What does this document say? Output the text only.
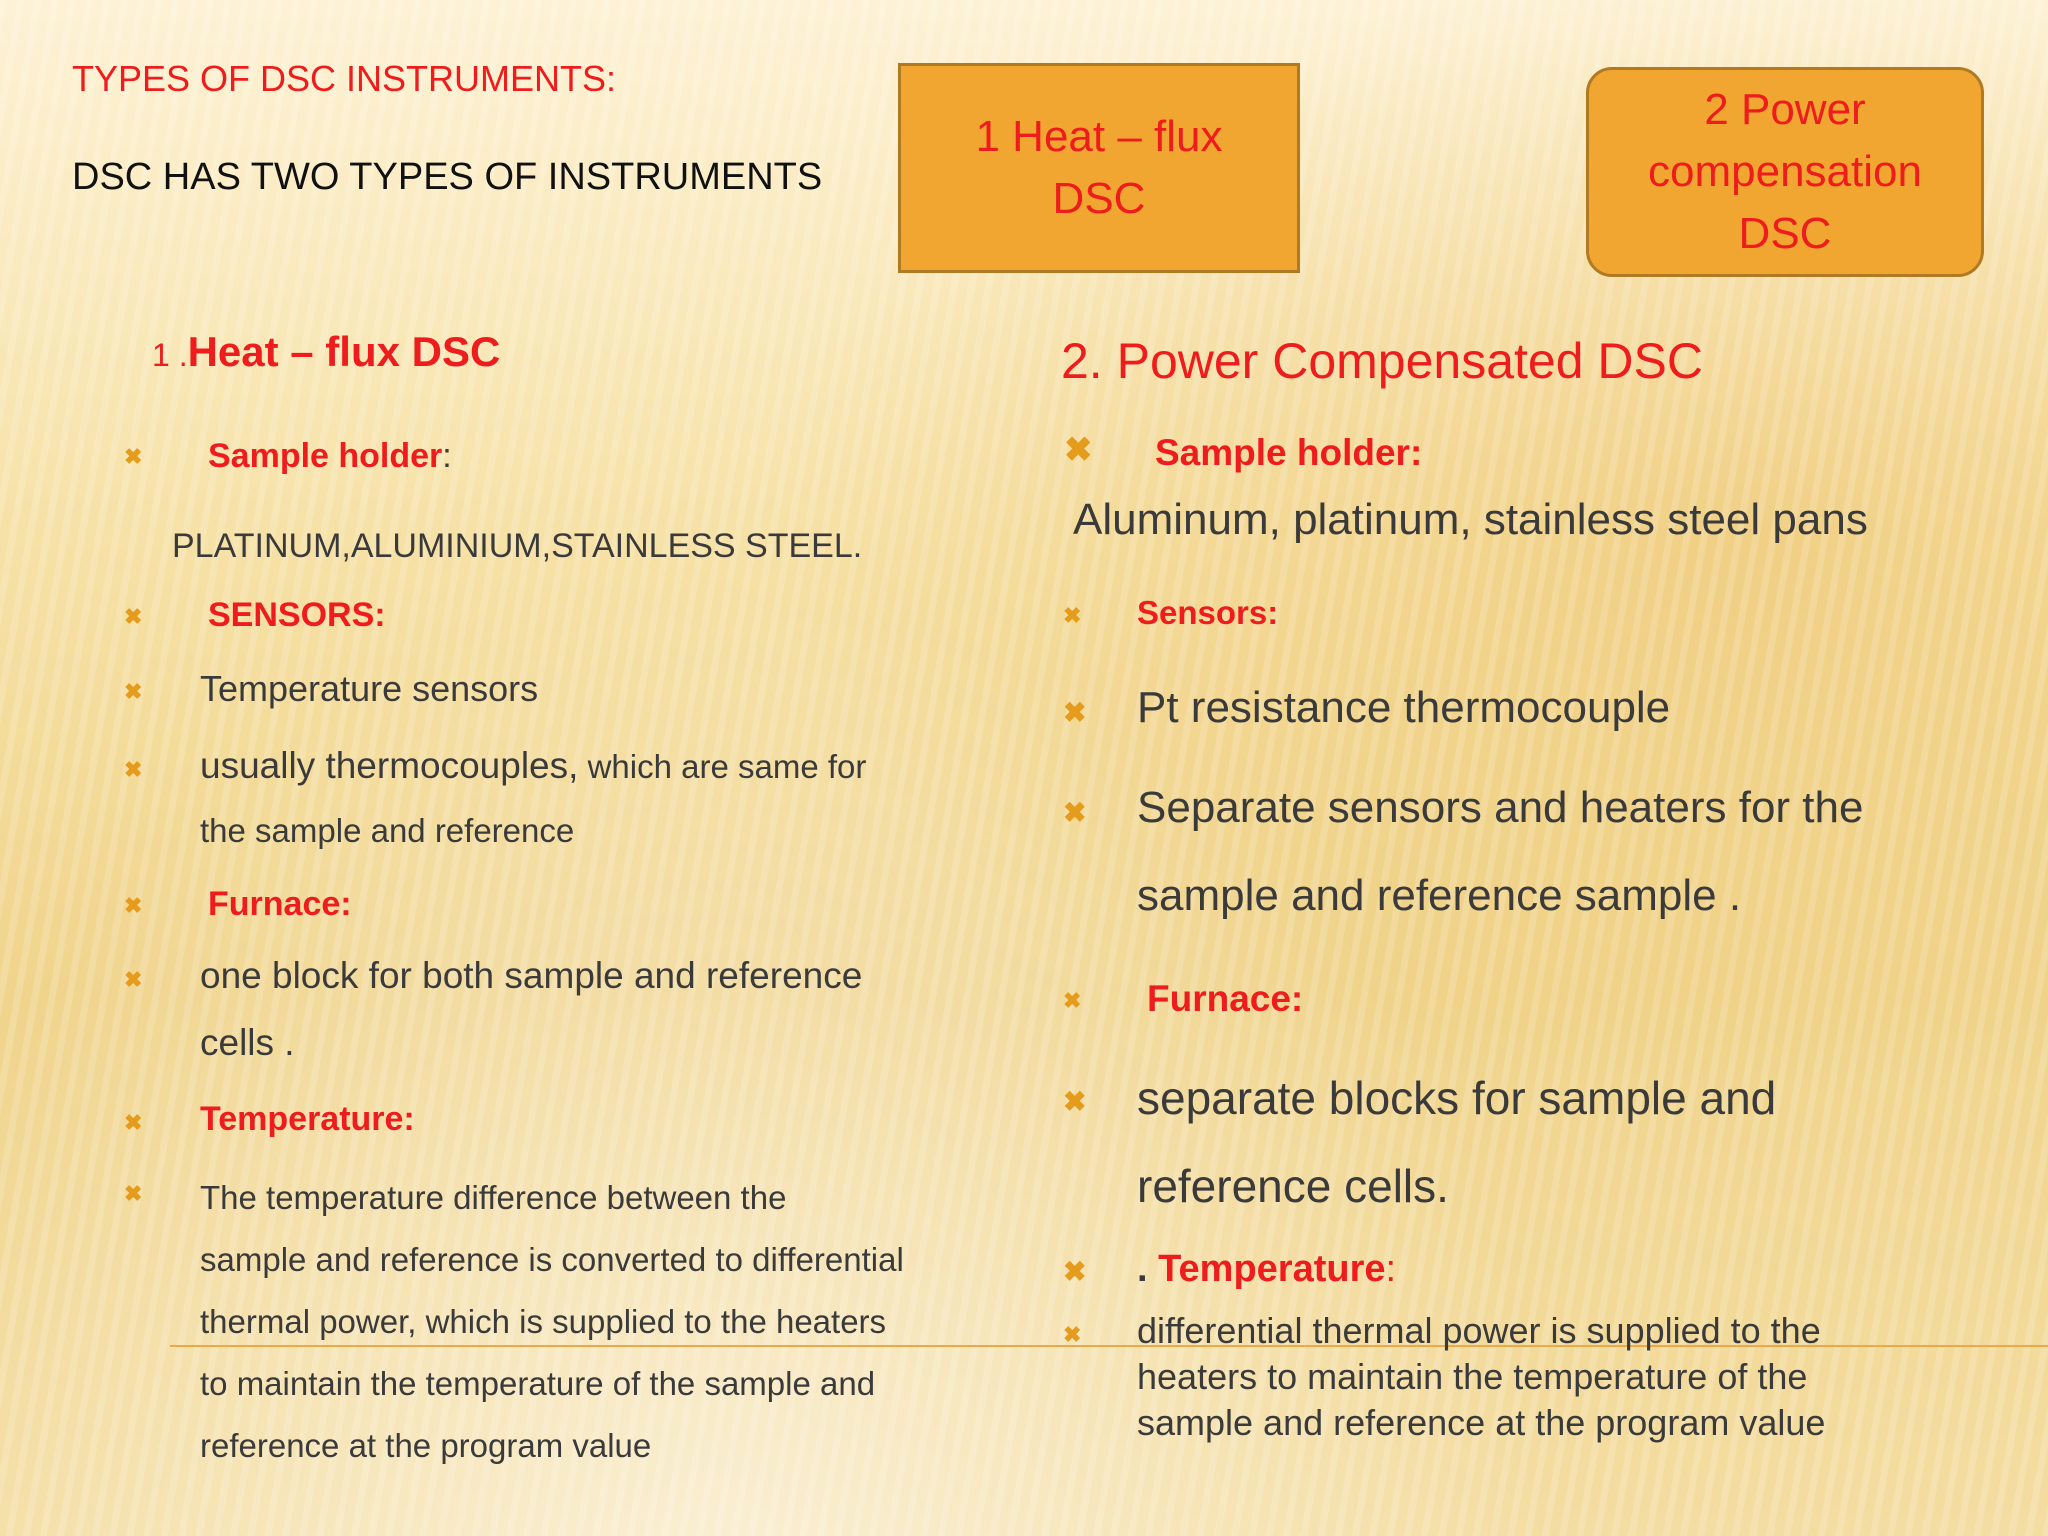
TYPES OF DSC INSTRUMENTS:
DSC HAS TWO TYPES OF INSTRUMENTS
1 Heat – flux DSC
2 Power compensation DSC
1 .Heat – flux DSC
✖ Sample holder:
PLATINUM,ALUMINIUM,STAINLESS STEEL.
✖ SENSORS:
✖ Temperature sensors
✖ usually thermocouples, which are same for
the sample and reference
✖ Furnace:
✖ one block for both sample and reference
cells .
✖ Temperature:
✖ The temperature difference between the
sample and reference is converted to differential
thermal power, which is supplied to the heaters
to maintain the temperature of the sample and
reference at the program value
2. Power Compensated DSC
✖ Sample holder:
Aluminum, platinum, stainless steel pans
✖ Sensors:
✖ Pt resistance thermocouple
✖ Separate sensors and heaters for the
sample and reference sample .
✖ Furnace:
✖ separate blocks for sample and
reference cells.
✖ . Temperature:
✖ differential thermal power is supplied to the
heaters to maintain the temperature of the
sample and reference at the program value
